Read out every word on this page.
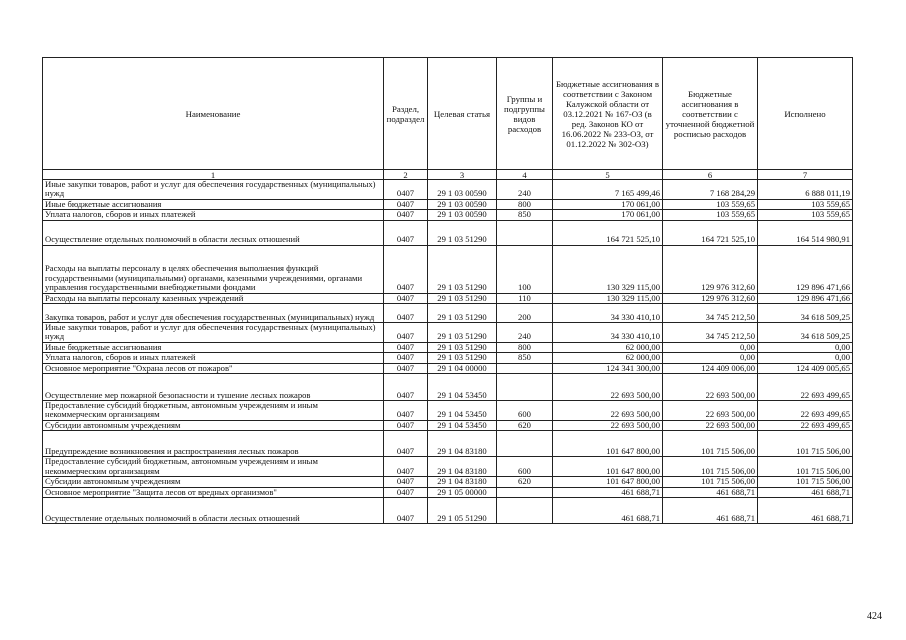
Наименование	Раздел, подраздел	Целевая статья	Группы и подгруппы видов расходов	Бюджетные ассигнования в соответствии с Законом Калужской области от 03.12.2021 № 167-ОЗ (в ред. Законов КО от 16.06.2022 № 233-ОЗ, от 01.12.2022 № 302-ОЗ)	Бюджетные ассигнования в соответствии с уточненной бюджетной росписью расходов	Исполнено
1	2	3	4	5	6	7
Иные закупки товаров, работ и услуг для обеспечения государственных (муниципальных) нужд	0407	29 1 03 00590	240	7 165 499,46	7 168 284,29	6 888 011,19
Иные бюджетные ассигнования	0407	29 1 03 00590	800	170 061,00	103 559,65	103 559,65
Уплата налогов, сборов и иных платежей	0407	29 1 03 00590	850	170 061,00	103 559,65	103 559,65
Осуществление отдельных полномочий в области лесных отношений	0407	29 1 03 51290		164 721 525,10	164 721 525,10	164 514 980,91
Расходы на выплаты персоналу в целях обеспечения выполнения функций государственными (муниципальными) органами, казенными учреждениями, органами управления государственными внебюджетными фондами	0407	29 1 03 51290	100	130 329 115,00	129 976 312,60	129 896 471,66
Расходы на выплаты персоналу казенных учреждений	0407	29 1 03 51290	110	130 329 115,00	129 976 312,60	129 896 471,66
Закупка товаров, работ и услуг для обеспечения государственных (муниципальных) нужд	0407	29 1 03 51290	200	34 330 410,10	34 745 212,50	34 618 509,25
Иные закупки товаров, работ и услуг для обеспечения государственных (муниципальных) нужд	0407	29 1 03 51290	240	34 330 410,10	34 745 212,50	34 618 509,25
Иные бюджетные ассигнования	0407	29 1 03 51290	800	62 000,00	0,00	0,00
Уплата налогов, сборов и иных платежей	0407	29 1 03 51290	850	62 000,00	0,00	0,00
Основное мероприятие "Охрана лесов от пожаров"	0407	29 1 04 00000		124 341 300,00	124 409 006,00	124 409 005,65
Осуществление мер пожарной безопасности и тушение лесных пожаров	0407	29 1 04 53450		22 693 500,00	22 693 500,00	22 693 499,65
Предоставление субсидий бюджетным, автономным учреждениям и иным некоммерческим организациям	0407	29 1 04 53450	600	22 693 500,00	22 693 500,00	22 693 499,65
Субсидии автономным учреждениям	0407	29 1 04 53450	620	22 693 500,00	22 693 500,00	22 693 499,65
Предупреждение возникновения и распространения лесных пожаров	0407	29 1 04 83180		101 647 800,00	101 715 506,00	101 715 506,00
Предоставление субсидий бюджетным, автономным учреждениям и иным некоммерческим организациям	0407	29 1 04 83180	600	101 647 800,00	101 715 506,00	101 715 506,00
Субсидии автономным учреждениям	0407	29 1 04 83180	620	101 647 800,00	101 715 506,00	101 715 506,00
Основное мероприятие "Защита лесов от вредных организмов"	0407	29 1 05 00000		461 688,71	461 688,71	461 688,71
Осуществление отдельных полномочий в области лесных отношений	0407	29 1 05 51290		461 688,71	461 688,71	461 688,71
424
